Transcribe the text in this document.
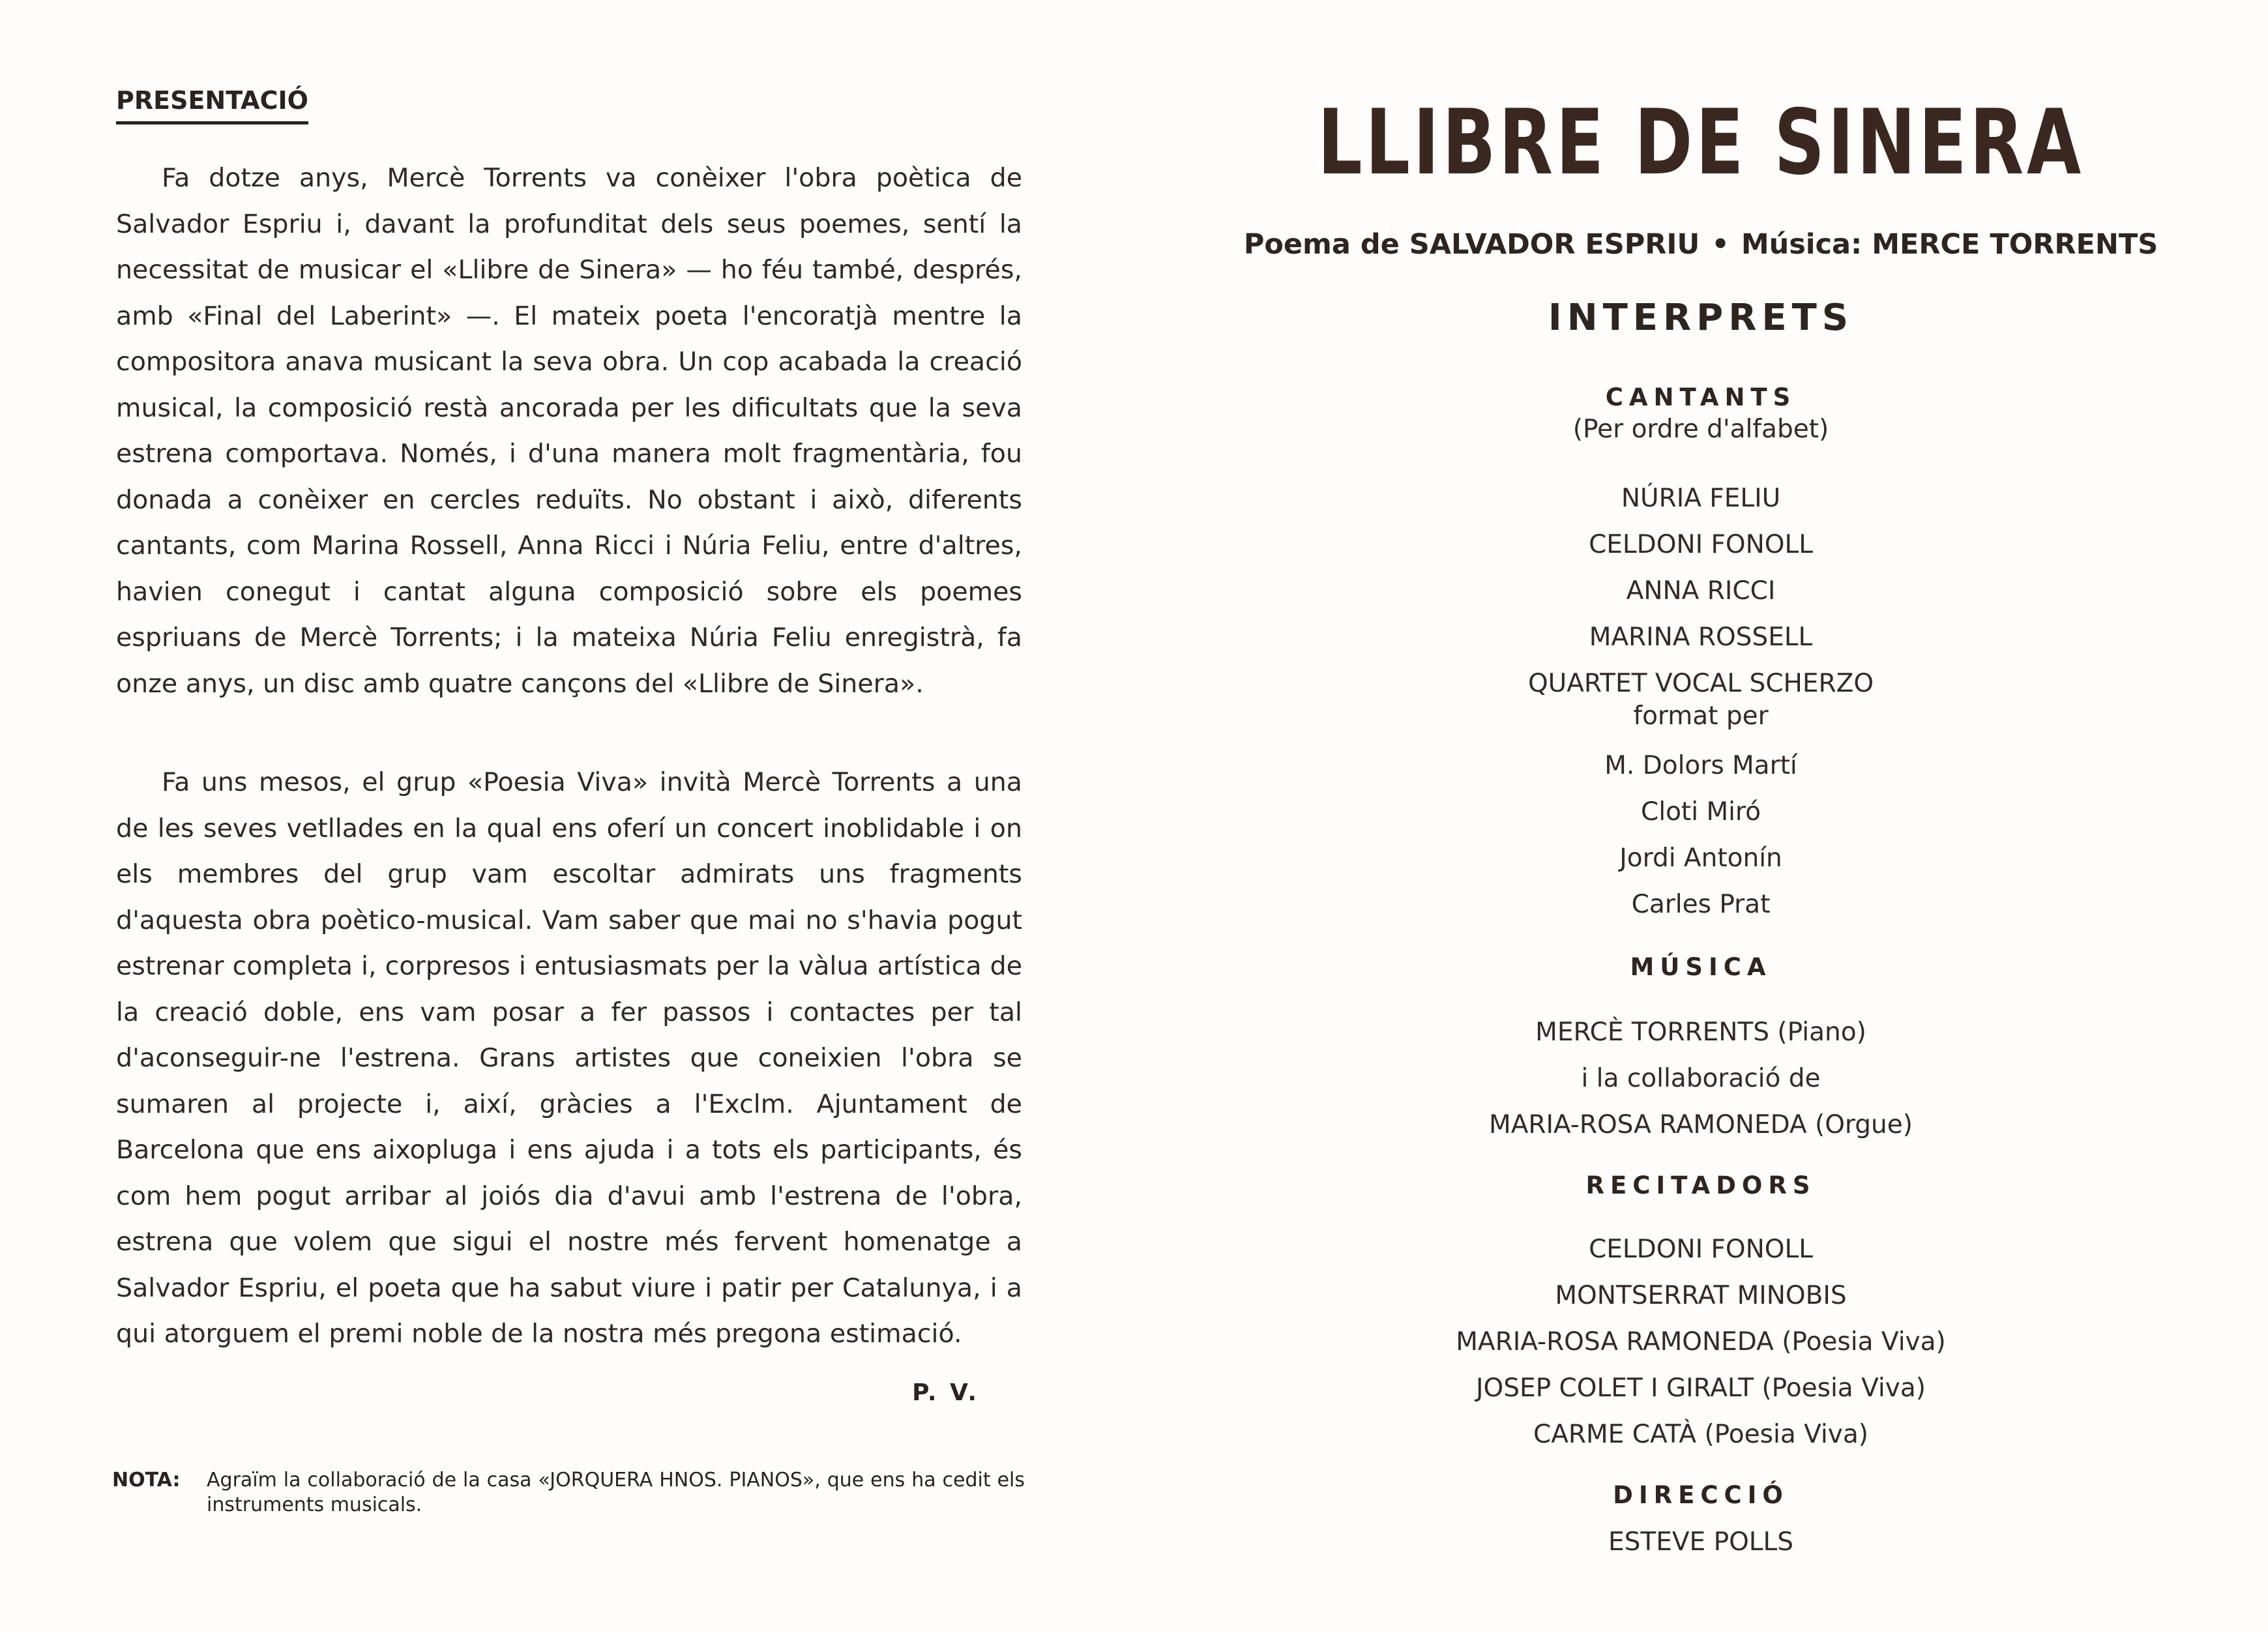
PRESENTACIÓ

Fa dotze anys, Mercè Torrents va conèixer l'obra poètica de Salvador Espriu i, davant la profunditat dels seus poemes, sentí la necessitat de musicar el «Llibre de Sinera» — ho féu també, després, amb «Final del Laberint» —. El mateix poeta l'encoratjà mentre la compositora anava musicant la seva obra. Un cop acabada la creació musical, la composició restà ancorada per les dificultats que la seva estrena comportava. Només, i d'una manera molt fragmentària, fou donada a conèixer en cercles reduïts. No obstant i això, diferents cantants, com Marina Rossell, Anna Ricci i Núria Feliu, entre d'altres, havien conegut i cantat alguna composició sobre els poemes espriuans de Mercè Torrents; i la mateixa Núria Feliu enregistrà, fa onze anys, un disc amb quatre cançons del «Llibre de Sinera».

Fa uns mesos, el grup «Poesia Viva» invità Mercè Torrents a una de les seves vetllades en la qual ens oferí un concert inoblidable i on els membres del grup vam escoltar admirats uns fragments d'aquesta obra poètico-musical. Vam saber que mai no s'havia pogut estrenar completa i, corpresos i entusiasmats per la vàlua artística de la creació doble, ens vam posar a fer passos i contactes per tal d'aconseguir-ne l'estrena. Grans artistes que coneixien l'obra se sumaren al projecte i, així, gràcies a l'Exclm. Ajuntament de Barcelona que ens aixopluga i ens ajuda i a tots els participants, és com hem pogut arribar al joiós dia d'avui amb l'estrena de l'obra, estrena que volem que sigui el nostre més fervent homenatge a Salvador Espriu, el poeta que ha sabut viure i patir per Catalunya, i a qui atorguem el premi noble de la nostra més pregona estimació.

P. V.
NOTA: Agraïm la collaboració de la casa «JORQUERA HNOS. PIANOS», que ens ha cedit els instruments musicals.
LLIBRE DE SINERA
Poema de SALVADOR ESPRIU • Música: MERCE TORRENTS
INTERPRETS
CANTANTS
(Per ordre d'alfabet)
NÚRIA FELIU
CELDONI FONOLL
ANNA RICCI
MARINA ROSSELL
QUARTET VOCAL SCHERZO
format per
M. Dolors Martí
Cloti Miró
Jordi Antonín
Carles Prat
MÚSICA
MERCÈ TORRENTS (Piano)
i la collaboració de
MARIA-ROSA RAMONEDA (Orgue)
RECITADORS
CELDONI FONOLL
MONTSERRAT MINOBIS
MARIA-ROSA RAMONEDA (Poesia Viva)
JOSEP COLET I GIRALT (Poesia Viva)
CARME CATÀ (Poesia Viva)
DIRECCIÓ
ESTEVE POLLS
